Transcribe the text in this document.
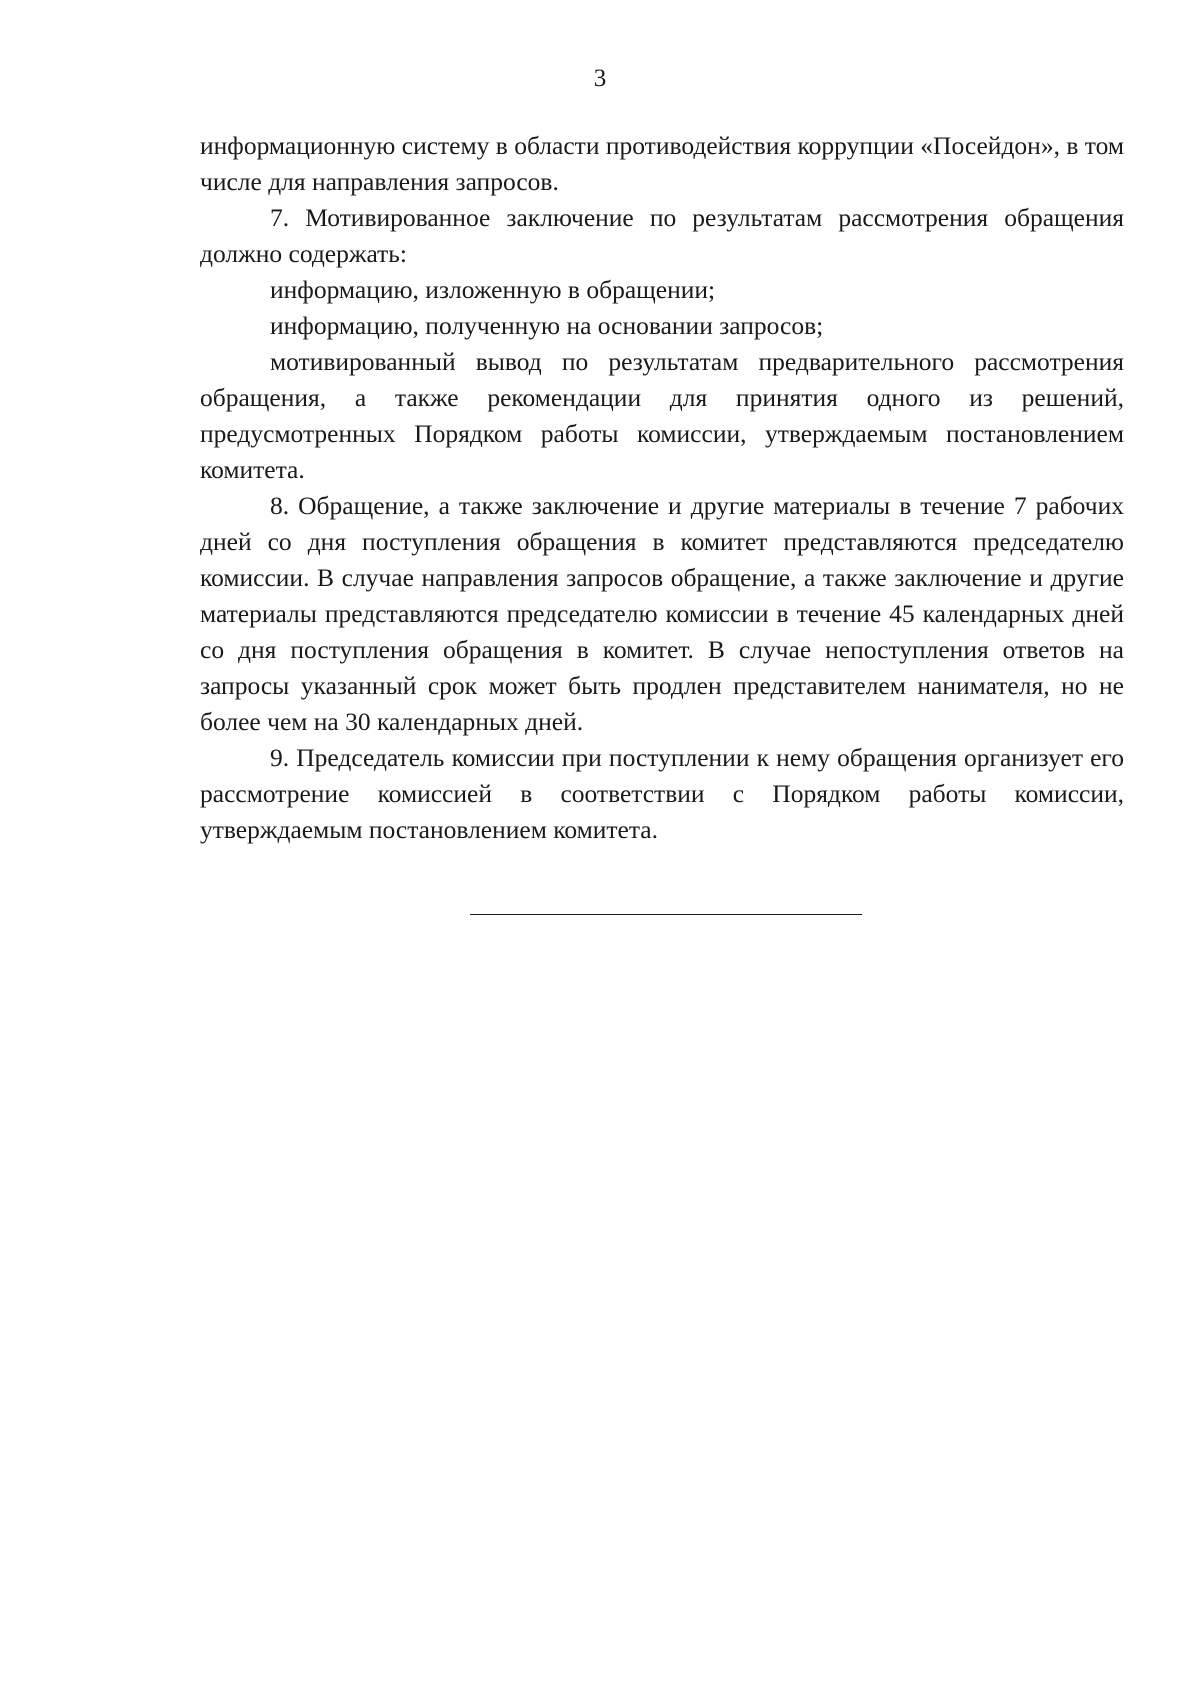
3

информационную систему в области противодействия коррупции «Посейдон», в том числе для направления запросов.

7. Мотивированное заключение по результатам рассмотрения обращения должно содержать:

информацию, изложенную в обращении;

информацию, полученную на основании запросов;

мотивированный вывод по результатам предварительного рассмотрения обращения, а также рекомендации для принятия одного из решений, предусмотренных Порядком работы комиссии, утверждаемым постановлением комитета.

8. Обращение, а также заключение и другие материалы в течение 7 рабочих дней со дня поступления обращения в комитет представляются председателю комиссии. В случае направления запросов обращение, а также заключение и другие материалы представляются председателю комиссии в течение 45 календарных дней со дня поступления обращения в комитет. В случае непоступления ответов на запросы указанный срок может быть продлен представителем нанимателя, но не более чем на 30 календарных дней.

9. Председатель комиссии при поступлении к нему обращения организует его рассмотрение комиссией в соответствии с Порядком работы комиссии, утверждаемым постановлением комитета.
